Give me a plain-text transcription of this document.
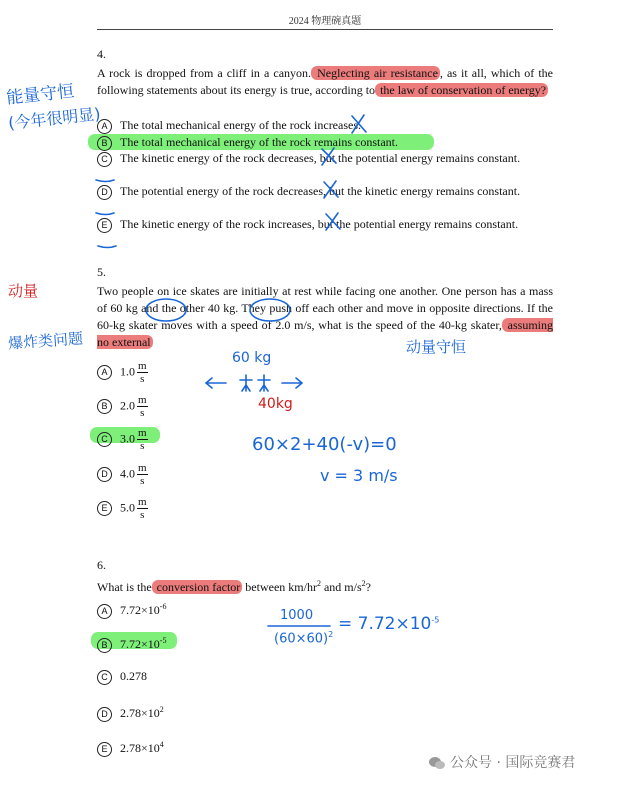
2024 物理碗真题
4.
A rock is dropped from a cliff in a canyon. Neglecting air resistance , as it all, which of the following statements about its energy is true, according to the law of conservation of energy?
A The total mechanical energy of the rock increases.
B The total mechanical energy of the rock remains constant.
C The kinetic energy of the rock decreases, but the potential energy remains constant.
D The potential energy of the rock decreases, but the kinetic energy remains constant.
E The kinetic energy of the rock increases, but the potential energy remains constant.
5.
Two people on ice skates are initially at rest while facing one another. One person has a mass of 60 kg and the other 40 kg. They push off each other and move in opposite directions. If the 60-kg skater moves with a speed of 2.0 m/s, what is the speed of the 40-kg skater, assuming no external
A $1.0 \frac{m}{s}$
B $2.0 \frac{m}{s}$
C $3.0 \frac{m}{s}$
D $4.0 \frac{m}{s}$
E $5.0 \frac{m}{s}$
6.
What is the conversion factor between $km/hr^2$ and $m/s^2$?
A $7.72\times 10^{-6}$
B $7.72\times 10^{-5}$
C 0.278
D $2.78\times 10^2$
E $2.78\times 10^4$
能量守恒
(今年很明显)
动量
爆炸类问题	动量守恒
60 kg
40kg
60×2+40(-v)=0
v = 3 m/s
1000
$(60\times 60)^2$
= $7.72\times 10^{-5}$
公众号 · 国际竞赛君
